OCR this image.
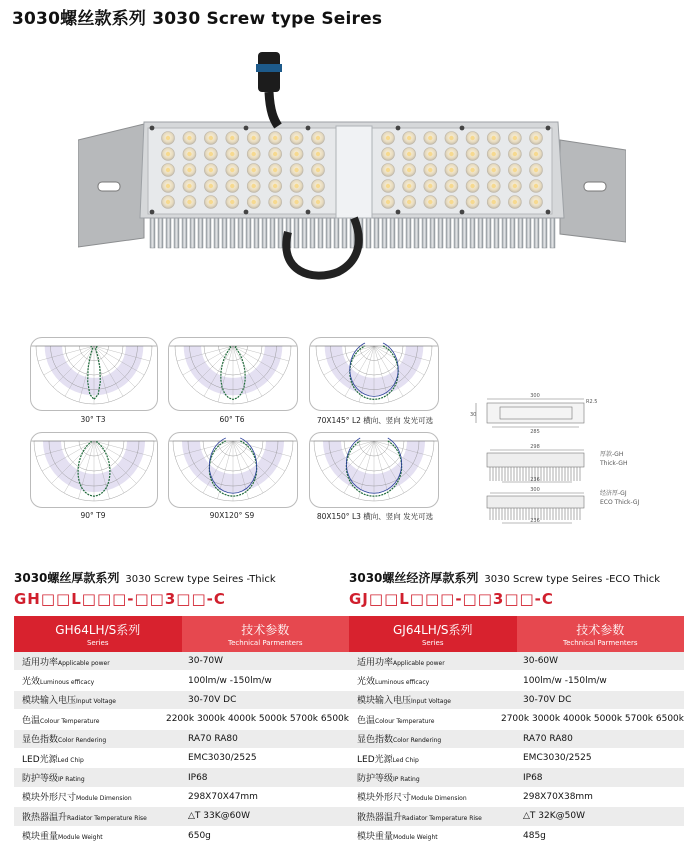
3030螺丝款系列 3030 Screw type Seires
30° T3	60° T6	70X145° L2 横向、竖向 发光可选
90° T9	90X120° S9	80X150° L3 横向、竖向 发光可选
300
285
30
R2.5
298
236
300
236
厚款-GH
Thick-GH
经济厚-GJ
ECO Thick-GJ
3030螺丝厚款系列 3030 Screw type Seires -Thick
GH□□L□□□-□□3□□-C
GH64LH/S系列
Series
技术参数
Technical Parmenters
适用功率Applicable power	30-70W
光效Luminous efficacy	100lm/w -150lm/w
模块输入电压Input Voltage	30-70V DC
色温Colour Temperature	2200k 3000k 4000k 5000k 5700k 6500k
显色指数Color Rendering	RA70 RA80
LED光源Led Chip	EMC3030/2525
防护等级IP Rating	IP68
模块外形尺寸Module Dimension	298X70X47mm
散热器温升Radiator Temperature Rise	△T 33K@60W
模块重量Module Weight	650g
3030螺丝经济厚款系列 3030 Screw type Seires -ECO Thick
GJ□□L□□□-□□3□□-C
GJ64LH/S系列
Series
技术参数
Technical Parmenters
适用功率Applicable power	30-60W
光效Luminous efficacy	100lm/w -150lm/w
模块输入电压Input Voltage	30-70V DC
色温Colour Temperature	2700k 3000k 4000k 5000k 5700k 6500k
显色指数Color Rendering	RA70 RA80
LED光源Led Chip	EMC3030/2525
防护等级IP Rating	IP68
模块外形尺寸Module Dimension	298X70X38mm
散热器温升Radiator Temperature Rise	△T 32K@50W
模块重量Module Weight	485g
